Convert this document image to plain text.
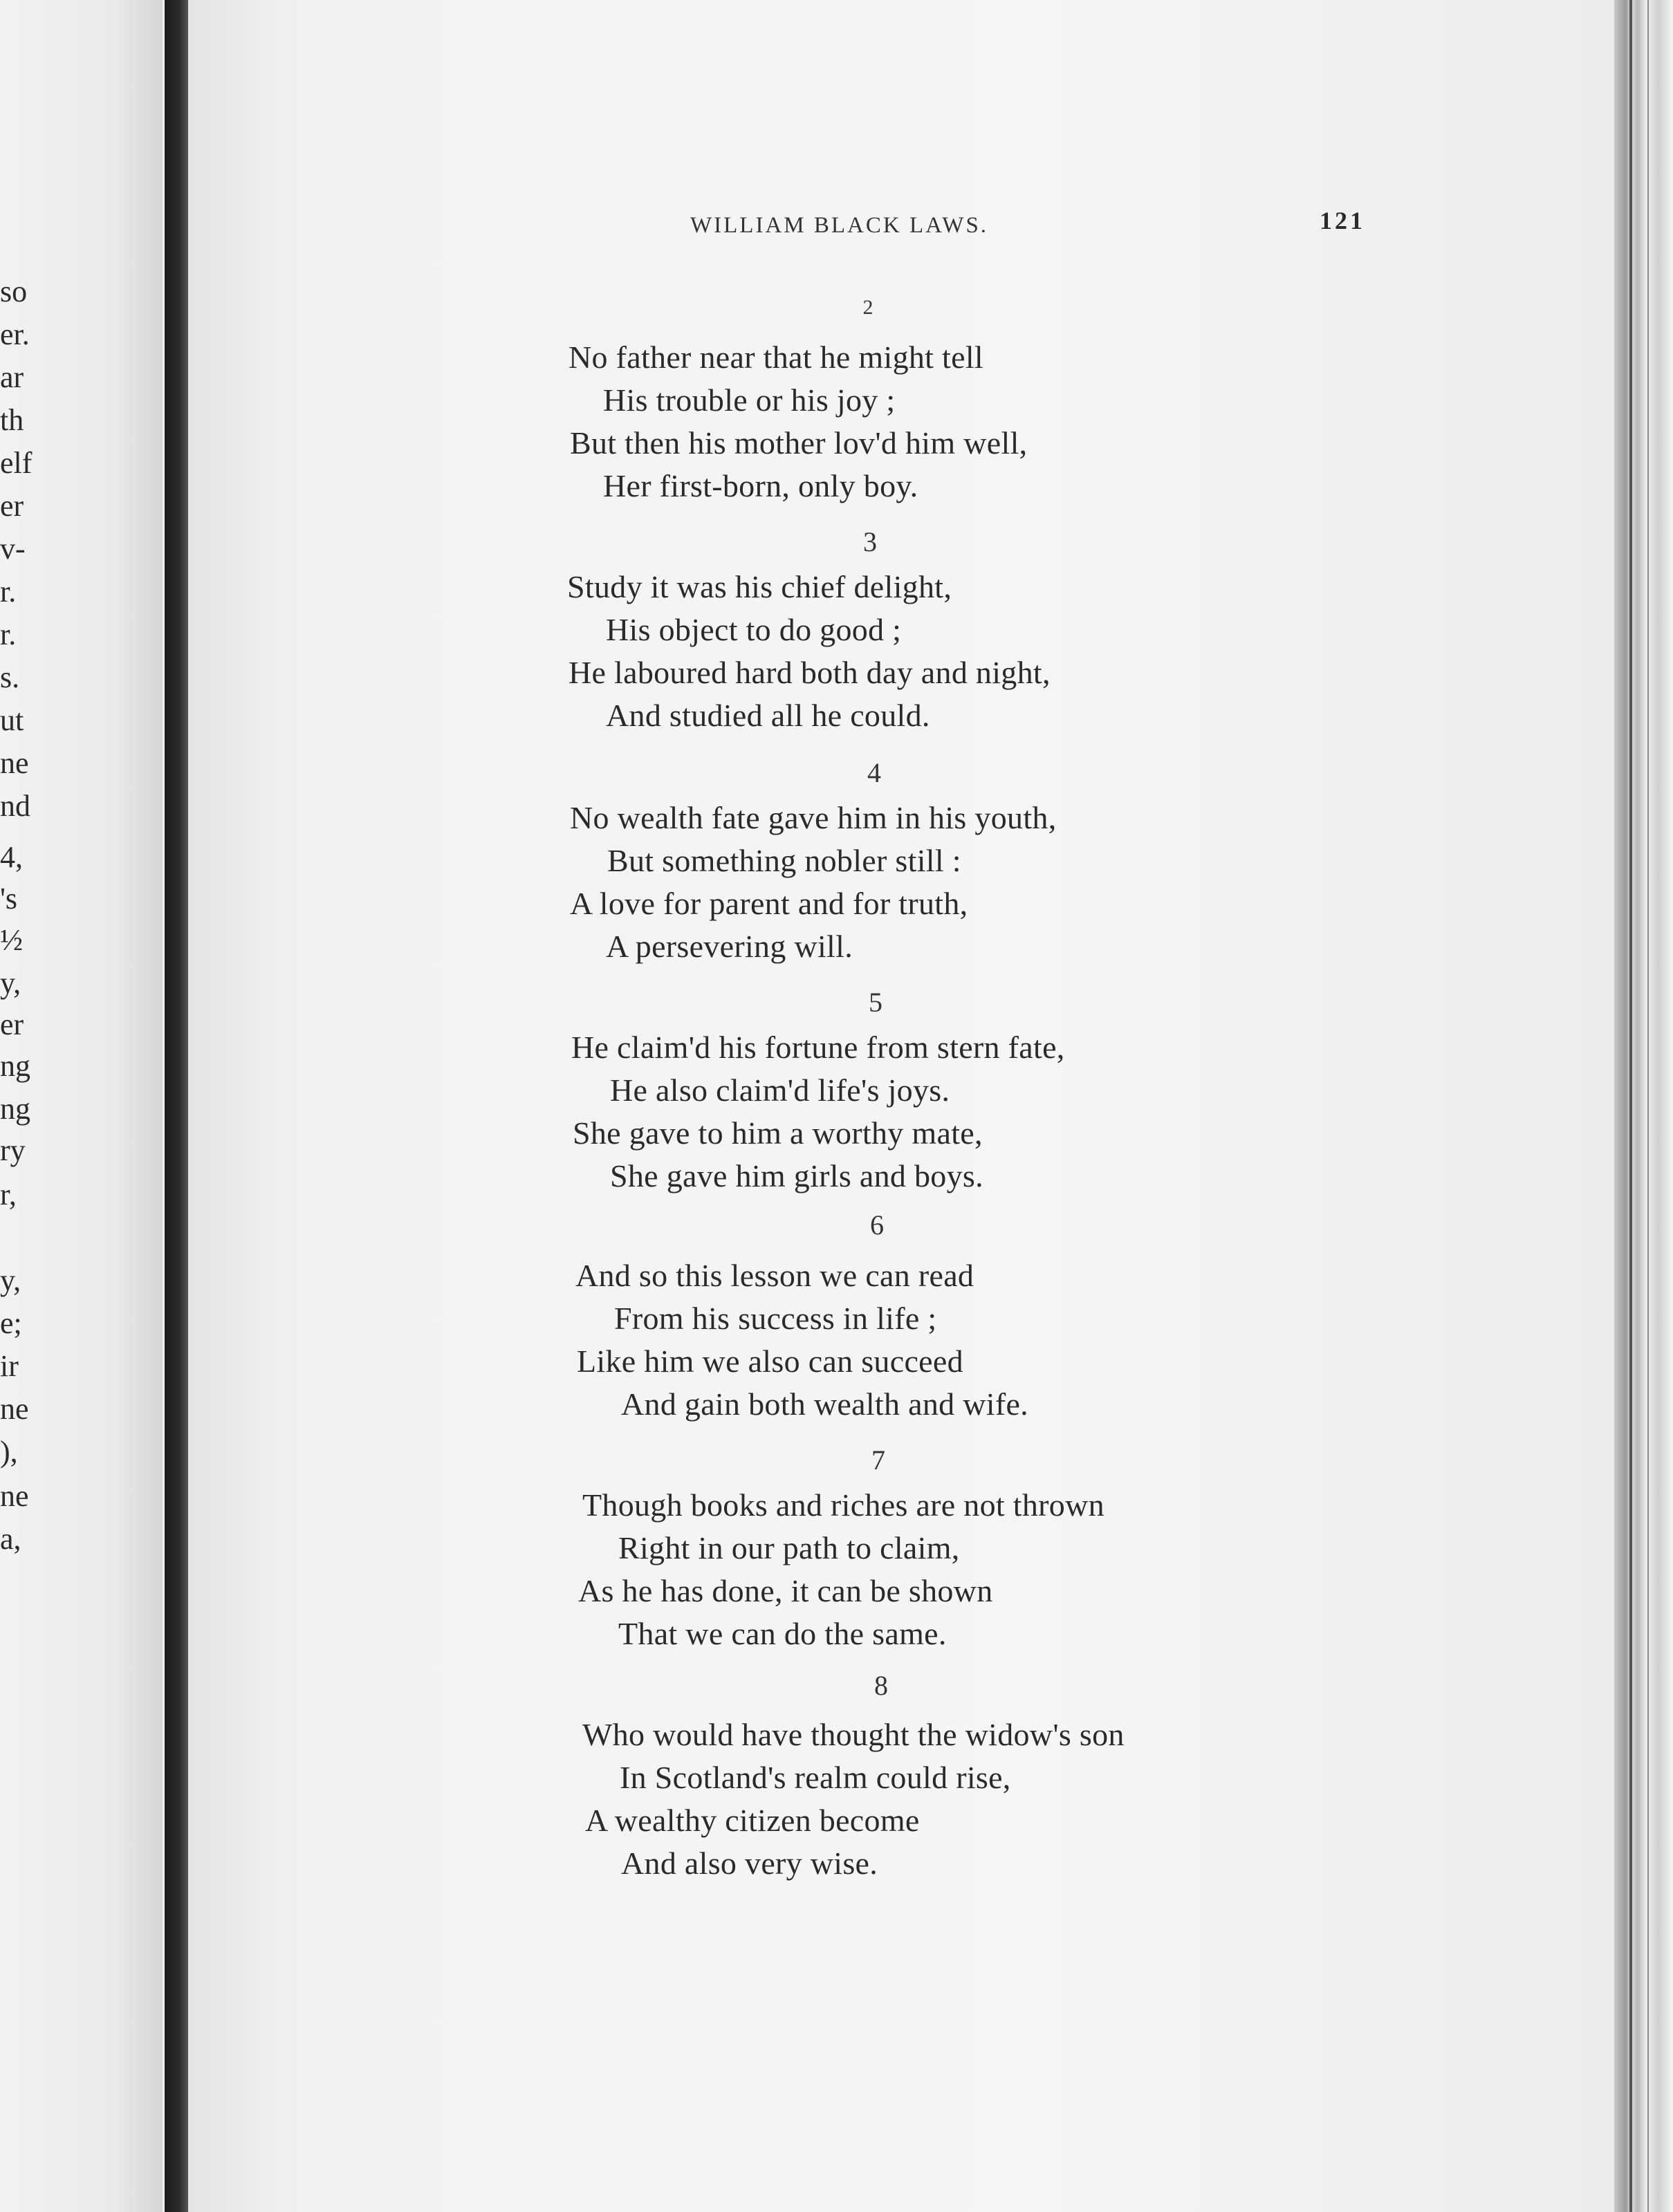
so
er.
ar
th
elf
er
v-
r.
r.
s.
ut
ne
nd
4,
's
½
y,
er
ng
ng
ry
r,
y,
e;
ir
ne
),
ne
a,
WILLIAM BLACK LAWS.	121
2
No father near that he might tell
His trouble or his joy ;
But then his mother lov'd him well,
Her first-born, only boy.
3
Study it was his chief delight,
His object to do good ;
He laboured hard both day and night,
And studied all he could.
4
No wealth fate gave him in his youth,
But something nobler still :
A love for parent and for truth,
A persevering will.
5
He claim'd his fortune from stern fate,
He also claim'd life's joys.
She gave to him a worthy mate,
She gave him girls and boys.
6
And so this lesson we can read
From his success in life ;
Like him we also can succeed
And gain both wealth and wife.
7
Though books and riches are not thrown
Right in our path to claim,
As he has done, it can be shown
That we can do the same.
8
Who would have thought the widow's son
In Scotland's realm could rise,
A wealthy citizen become
And also very wise.
